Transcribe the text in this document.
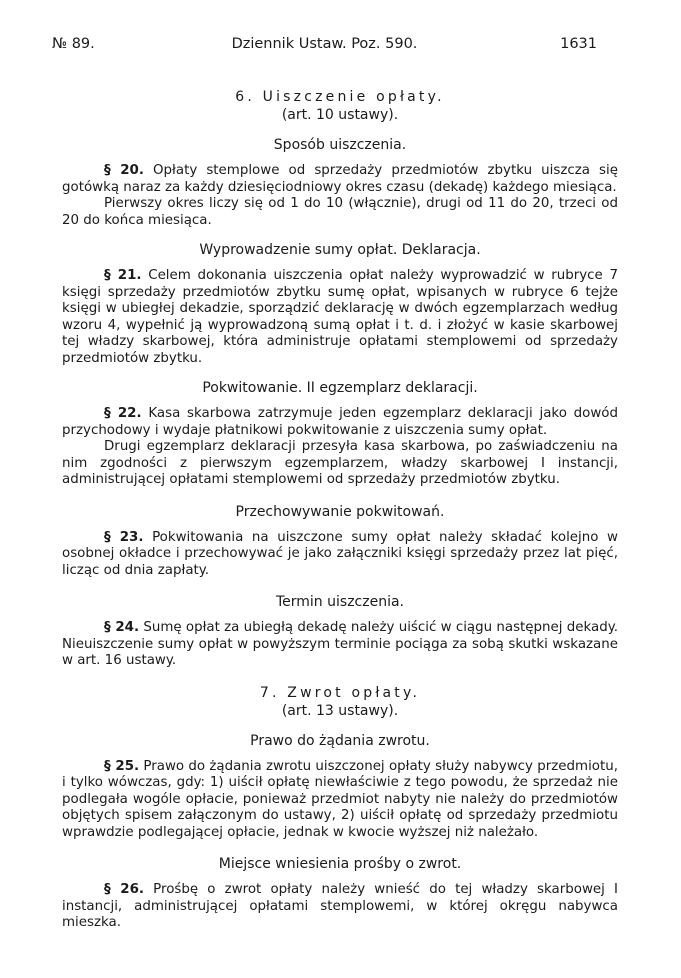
№ 89.	Dziennik Ustaw. Poz. 590.	1631
6. Uiszczenie opłaty.
(art. 10 ustawy).
Sposób uiszczenia.

§ 20. Opłaty stemplowe od sprzedaży przedmiotów zbytku uiszcza się gotówką naraz za każdy dziesięciodniowy okres czasu (dekadę) każdego miesiąca.

Pierwszy okres liczy się od 1 do 10 (włącznie), drugi od 11 do 20, trzeci od 20 do końca miesiąca.

Wyprowadzenie sumy opłat. Deklaracja.

§ 21. Celem dokonania uiszczenia opłat należy wyprowadzić w rubryce 7 księgi sprzedaży przedmiotów zbytku sumę opłat, wpisanych w rubryce 6 tejże księgi w ubiegłej dekadzie, sporządzić deklarację w dwóch egzemplarzach według wzoru 4, wypełnić ją wyprowadzoną sumą opłat i t. d. i złożyć w kasie skarbowej tej władzy skarbowej, która administruje opłatami stemplowemi od sprzedaży przedmiotów zbytku.

Pokwitowanie. II egzemplarz deklaracji.

§ 22. Kasa skarbowa zatrzymuje jeden egzemplarz deklaracji jako dowód przychodowy i wydaje płatnikowi pokwitowanie z uiszczenia sumy opłat.

Drugi egzemplarz deklaracji przesyła kasa skarbowa, po zaświadczeniu na nim zgodności z pierwszym egzemplarzem, władzy skarbowej I instancji, administrującej opłatami stemplowemi od sprzedaży przedmiotów zbytku.

Przechowywanie pokwitowań.

§ 23. Pokwitowania na uiszczone sumy opłat należy składać kolejno w osobnej okładce i przechowywać je jako załączniki księgi sprzedaży przez lat pięć, licząc od dnia zapłaty.

Termin uiszczenia.

§ 24. Sumę opłat za ubiegłą dekadę należy uiścić w ciągu następnej dekady. Nieuiszczenie sumy opłat w powyższym terminie pociąga za sobą skutki wskazane w art. 16 ustawy.

7. Zwrot opłaty.
(art. 13 ustawy).
Prawo do żądania zwrotu.

§ 25. Prawo do żądania zwrotu uiszczonej opłaty służy nabywcy przedmiotu, i tylko wówczas, gdy: 1) uiścił opłatę niewłaściwie z tego powodu, że sprzedaż nie podlegała wogóle opłacie, ponieważ przedmiot nabyty nie należy do przedmiotów objętych spisem załączonym do ustawy, 2) uiścił opłatę od sprzedaży przedmiotu wprawdzie podlegającej opłacie, jednak w kwocie wyższej niż należało.

Miejsce wniesienia prośby o zwrot.

§ 26. Prośbę o zwrot opłaty należy wnieść do tej władzy skarbowej I instancji, administrującej opłatami stemplowemi, w której okręgu nabywca mieszka.
